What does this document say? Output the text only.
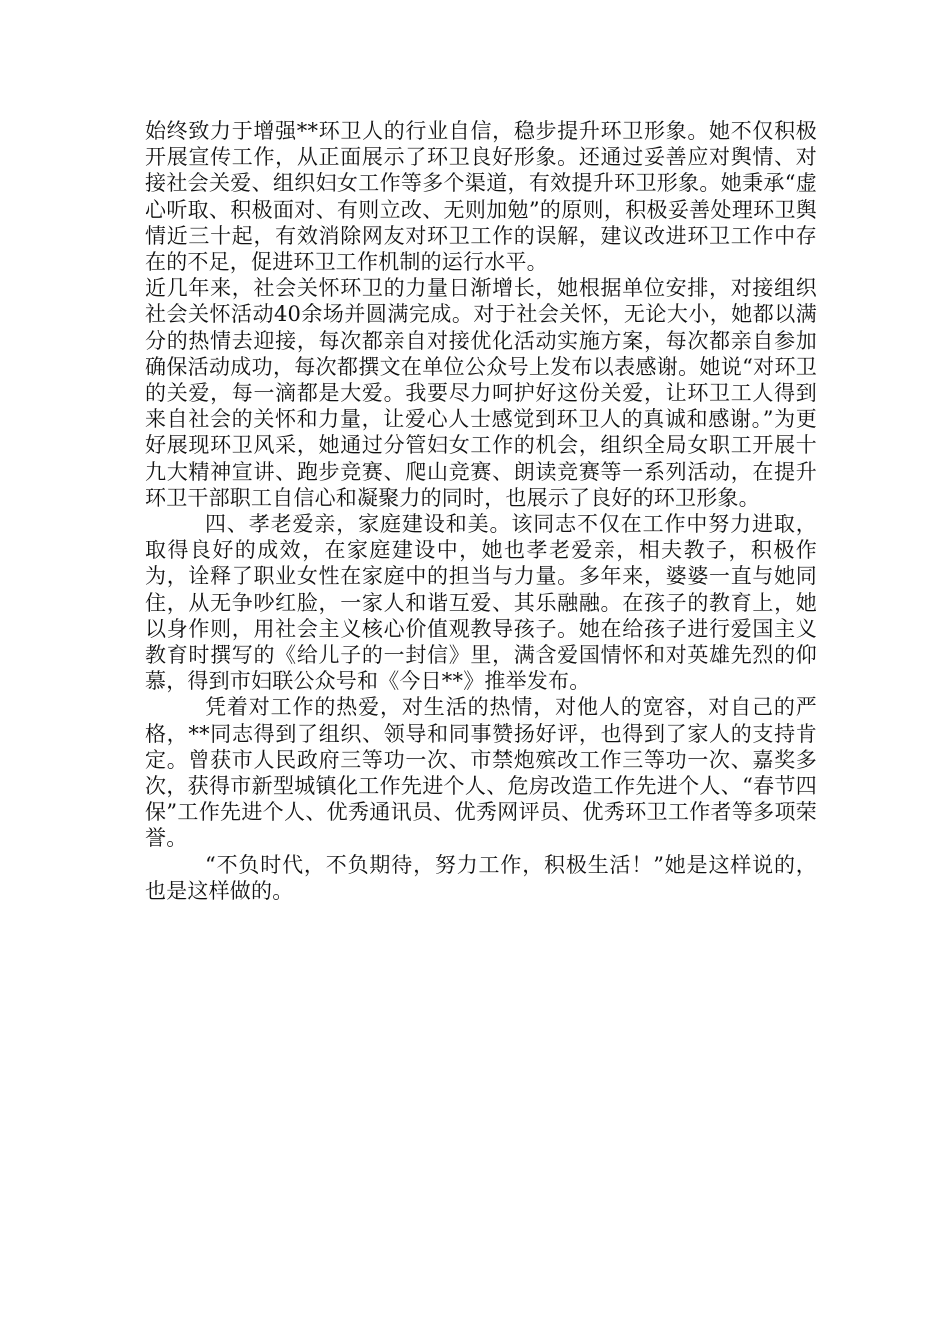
始终致力于增强**环卫人的行业自信，稳步提升环卫形象。她不仅积极开展宣传工作，从正面展示了环卫良好形象。还通过妥善应对舆情、对接社会关爱、组织妇女工作等多个渠道，有效提升环卫形象。她秉承“虚心听取、积极面对、有则立改、无则加勉”的原则，积极妥善处理环卫舆情近三十起，有效消除网友对环卫工作的误解，建议改进环卫工作中存在的不足，促进环卫工作机制的运行水平。

近几年来，社会关怀环卫的力量日渐增长，她根据单位安排，对接组织社会关怀活动40余场并圆满完成。对于社会关怀，无论大小，她都以满分的热情去迎接，每次都亲自对接优化活动实施方案，每次都亲自参加确保活动成功，每次都撰文在单位公众号上发布以表感谢。她说“对环卫的关爱，每一滴都是大爱。我要尽力呵护好这份关爱，让环卫工人得到来自社会的关怀和力量，让爱心人士感觉到环卫人的真诚和感谢。”为更好展现环卫风采，她通过分管妇女工作的机会，组织全局女职工开展十九大精神宣讲、跑步竞赛、爬山竞赛、朗读竞赛等一系列活动，在提升环卫干部职工自信心和凝聚力的同时，也展示了良好的环卫形象。

四、孝老爱亲，家庭建设和美。该同志不仅在工作中努力进取，取得良好的成效，在家庭建设中，她也孝老爱亲，相夫教子，积极作为，诠释了职业女性在家庭中的担当与力量。多年来，婆婆一直与她同住，从无争吵红脸，一家人和谐互爱、其乐融融。在孩子的教育上，她以身作则，用社会主义核心价值观教导孩子。她在给孩子进行爱国主义教育时撰写的《给儿子的一封信》里，满含爱国情怀和对英雄先烈的仰慕，得到市妇联公众号和《今日**》推举发布。

凭着对工作的热爱，对生活的热情，对他人的宽容，对自己的严格，**同志得到了组织、领导和同事赞扬好评，也得到了家人的支持肯定。曾获市人民政府三等功一次、市禁炮殡改工作三等功一次、嘉奖多次，获得市新型城镇化工作先进个人、危房改造工作先进个人、“春节四保”工作先进个人、优秀通讯员、优秀网评员、优秀环卫工作者等多项荣誉。

“不负时代，不负期待，努力工作，积极生活！”她是这样说的，也是这样做的。
